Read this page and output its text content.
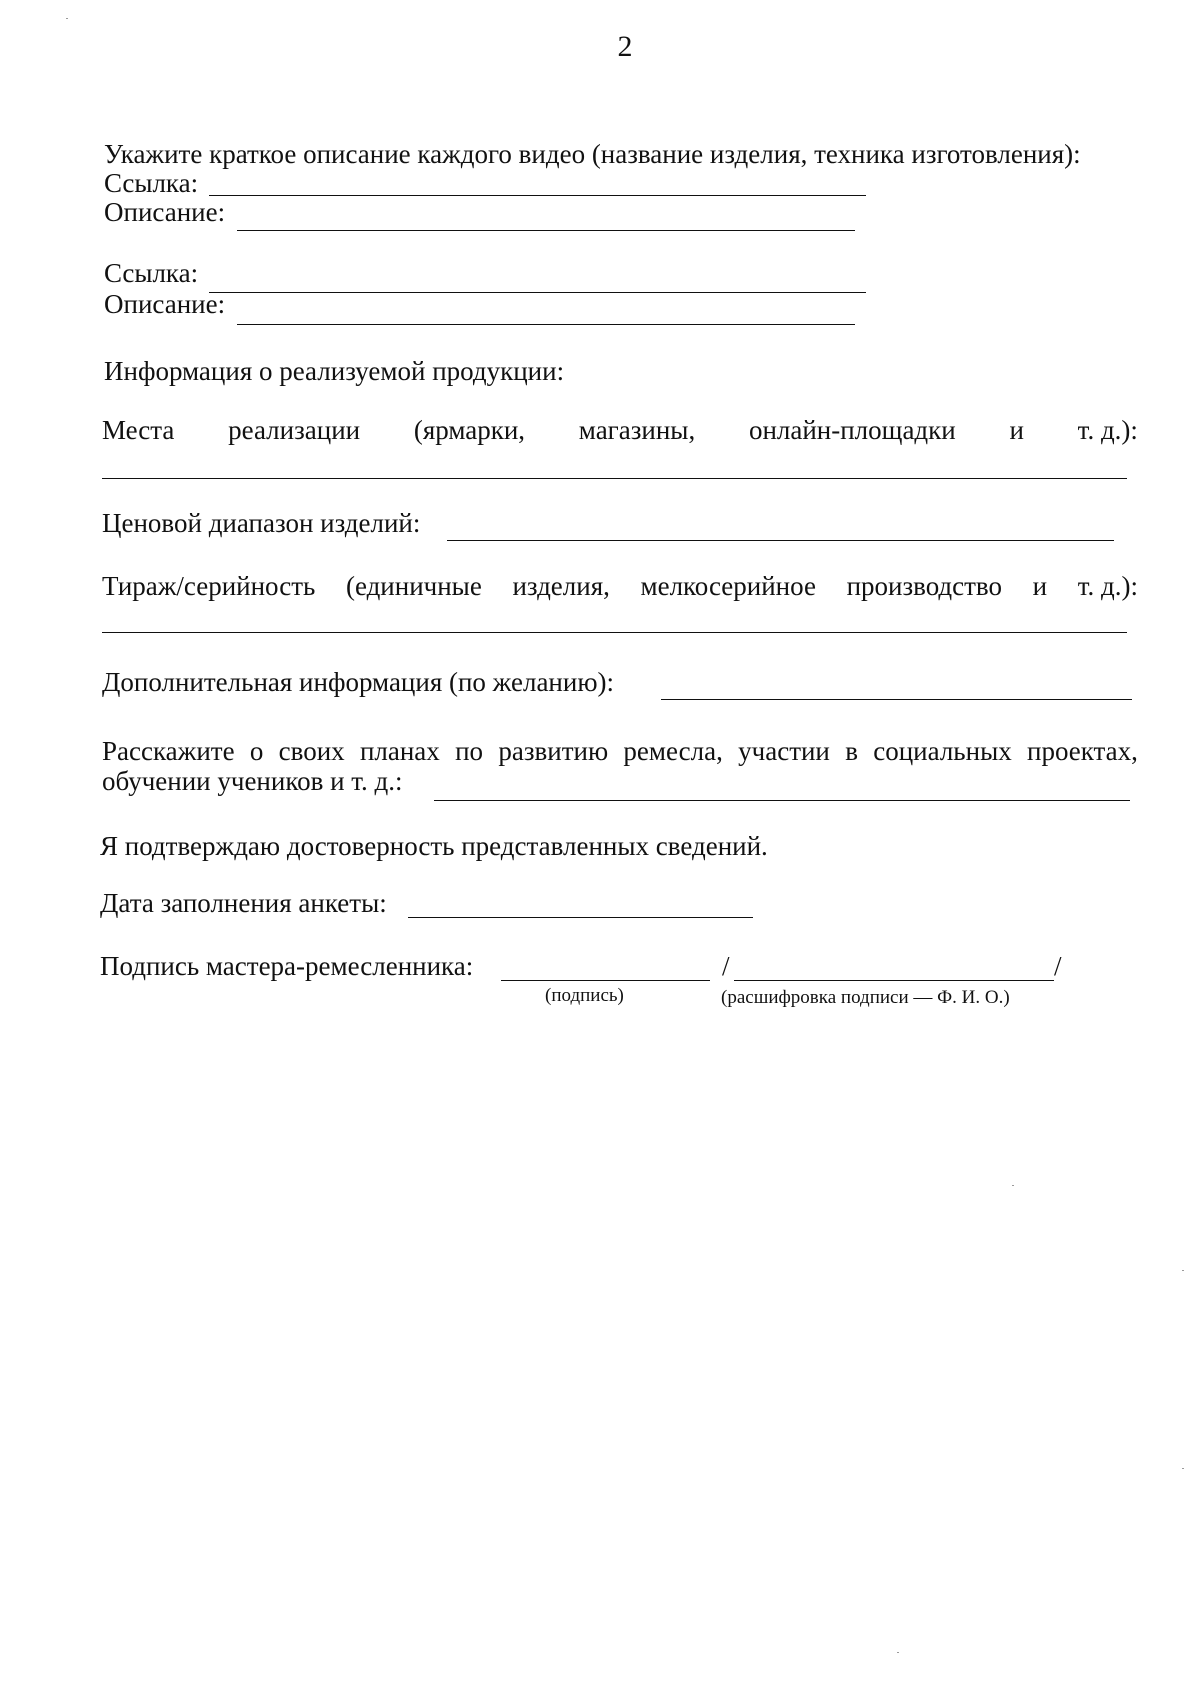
2
Укажите краткое описание каждого видео (название изделия, техника изготовления):
Ссылка:
Описание:
Ссылка:
Описание:
Информация о реализуемой продукции:
Места реализации (ярмарки, магазины, онлайн-площадки и т. д.):
Ценовой диапазон изделий:
Тираж/серийность (единичные изделия, мелкосерийное производство и т. д.):
Дополнительная информация (по желанию):
Расскажите о своих планах по развитию ремесла, участии в социальных проектах,
обучении учеников и т. д.:
Я подтверждаю достоверность представленных сведений.
Дата заполнения анкеты:
Подпись мастера-ремесленника:	/	/
(подпись)	(расшифровка подписи — Ф. И. О.)
